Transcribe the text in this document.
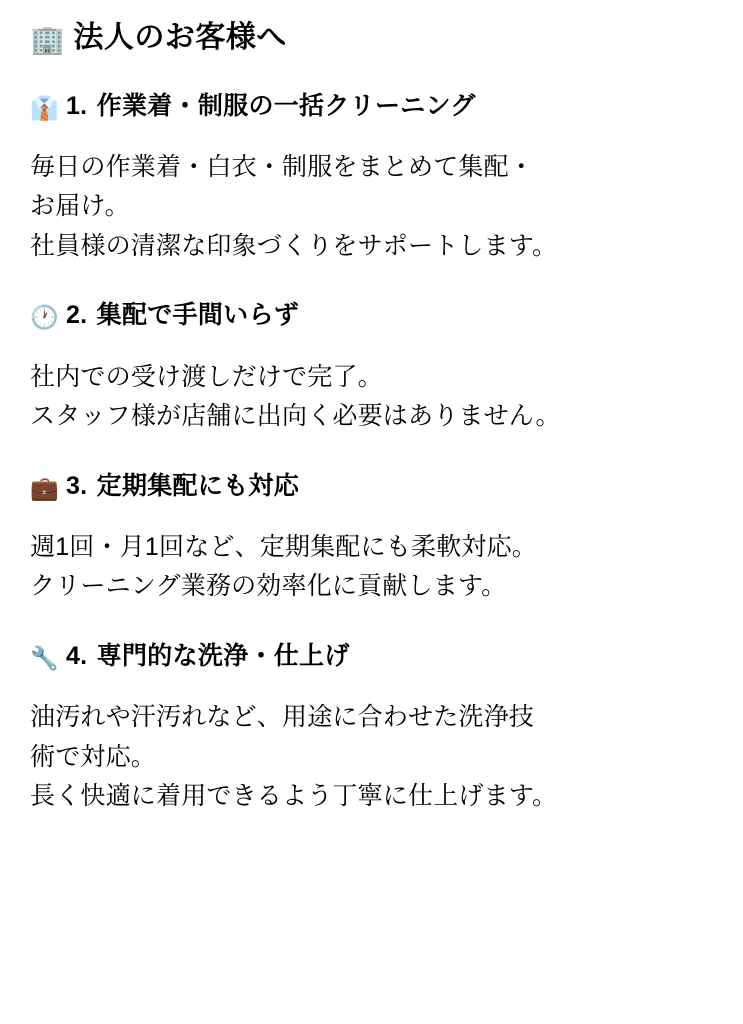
🏢 法人のお客様へ
👔 1. 作業着・制服の一括クリーニング
毎日の作業着・白衣・制服をまとめて集配・
お届け。
社員様の清潔な印象づくりをサポートします。
🕐 2. 集配で手間いらず
社内での受け渡しだけで完了。
スタッフ様が店舗に出向く必要はありません。
💼 3. 定期集配にも対応
週1回・月1回など、定期集配にも柔軟対応。
クリーニング業務の効率化に貢献します。
🔧 4. 専門的な洗浄・仕上げ
油汚れや汗汚れなど、用途に合わせた洗浄技
術で対応。
長く快適に着用できるよう丁寧に仕上げます。
